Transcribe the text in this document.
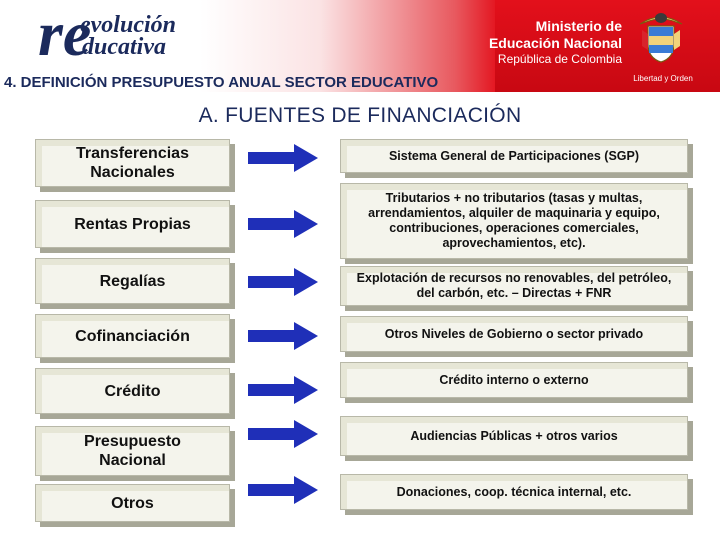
re
evolución
ducativa
Ministerio de
Educación Nacional
República de Colombia
Libertad y Orden
4. DEFINICIÓN PRESUPUESTO ANUAL SECTOR EDUCATIVO
A. FUENTES DE FINANCIACIÓN
Transferencias Nacionales
Sistema General de Participaciones (SGP)
Rentas Propias
Tributarios + no tributarios (tasas y multas, arrendamientos, alquiler de maquinaria y equipo, contribuciones, operaciones comerciales, aprovechamientos, etc).
Regalías	Explotación de recursos no renovables, del petróleo, del carbón, etc. – Directas + FNR
Cofinanciación	Otros Niveles de Gobierno o sector privado
Crédito
Crédito interno o externo
Presupuesto Nacional
Audiencias Públicas + otros varios
Otros
Donaciones, coop. técnica internal, etc.
